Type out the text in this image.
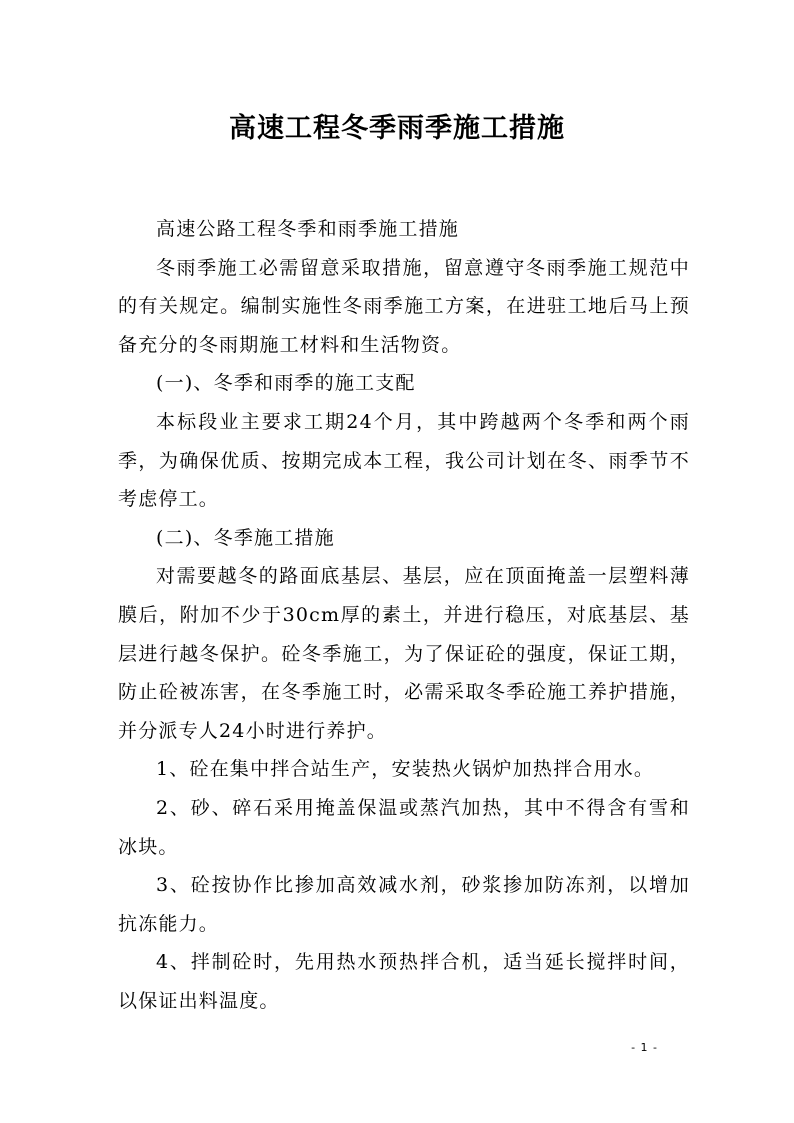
高速工程冬季雨季施工措施

高速公路工程冬季和雨季施工措施

冬雨季施工必需留意采取措施，留意遵守冬雨季施工规范中的有关规定。编制实施性冬雨季施工方案，在进驻工地后马上预备充分的冬雨期施工材料和生活物资。

(一)、冬季和雨季的施工支配

本标段业主要求工期24个月，其中跨越两个冬季和两个雨季，为确保优质、按期完成本工程，我公司计划在冬、雨季节不考虑停工。

(二)、冬季施工措施

对需要越冬的路面底基层、基层，应在顶面掩盖一层塑料薄膜后，附加不少于30cm厚的素土，并进行稳压，对底基层、基层进行越冬保护。砼冬季施工，为了保证砼的强度，保证工期，防止砼被冻害，在冬季施工时，必需采取冬季砼施工养护措施，并分派专人24小时进行养护。

1、砼在集中拌合站生产，安装热火锅炉加热拌合用水。

2、砂、碎石采用掩盖保温或蒸汽加热，其中不得含有雪和冰块。

3、砼按协作比掺加高效减水剂，砂浆掺加防冻剂，以增加抗冻能力。

4、拌制砼时，先用热水预热拌合机，适当延长搅拌时间，以保证出料温度。

- 1 -
